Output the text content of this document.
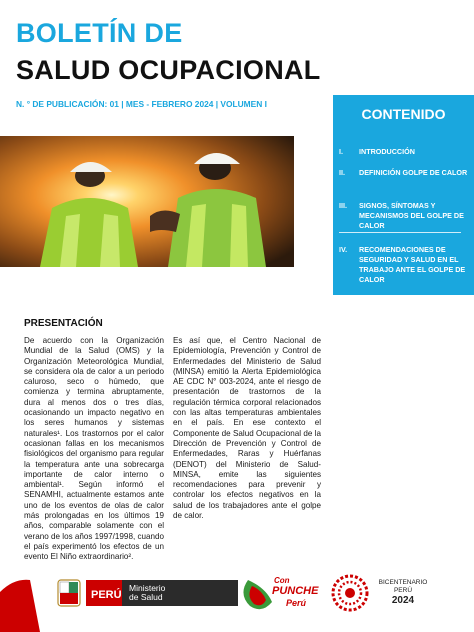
BOLETÍN DE
SALUD OCUPACIONAL
N. ° DE PUBLICACIÓN: 01 | MES - FEBRERO 2024 | VOLUMEN I
CONTENIDO
I.	INTRODUCCIÓN
II.	DEFINICIÓN GOLPE DE CALOR
III.	SIGNOS, SÍNTOMAS Y MECANISMOS DEL GOLPE DE CALOR
IV.	RECOMENDACIONES DE SEGURIDAD Y SALUD EN EL TRABAJO ANTE EL GOLPE DE CALOR
PRESENTACIÓN
De acuerdo con la Organización Mundial de la Salud (OMS) y la Organización Meteorológica Mundial, se considera ola de calor a un periodo caluroso, seco o húmedo, que comienza y termina abruptamente, dura al menos dos o tres días, ocasionando un impacto negativo en los seres humanos y sistemas naturales¹. Los trastornos por el calor ocasionan fallas en los mecanismos fisiológicos del organismo para regular la temperatura ante una sobrecarga importante de calor interno o ambiental¹. Según informó el SENAMHI, actualmente estamos ante uno de los eventos de olas de calor más prolongadas en los últimos 19 años, comparable solamente con el verano de los años 1997/1998, cuando el país experimentó los efectos de un evento El Niño extraordinario².
Es así que, el Centro Nacional de Epidemiología, Prevención y Control de Enfermedades del Ministerio de Salud (MINSA) emitió la Alerta Epidemiológica AE CDC N° 003-2024, ante el riesgo de presentación de trastornos de la regulación térmica corporal relacionados con las altas temperaturas ambientales en el país. En ese contexto el Componente de Salud Ocupacional de la Dirección de Prevención y Control de Enfermedades, Raras y Huérfanas (DENOT) del Ministerio de Salud-MINSA, emite las siguientes recomendaciones para prevenir y controlar los efectos negativos en la salud de los trabajadores ante el golpe de calor.
PERÚ
Ministerio
de Salud
Con
PUNCHE
Perú
BICENTENARIO
PERÚ
2024
